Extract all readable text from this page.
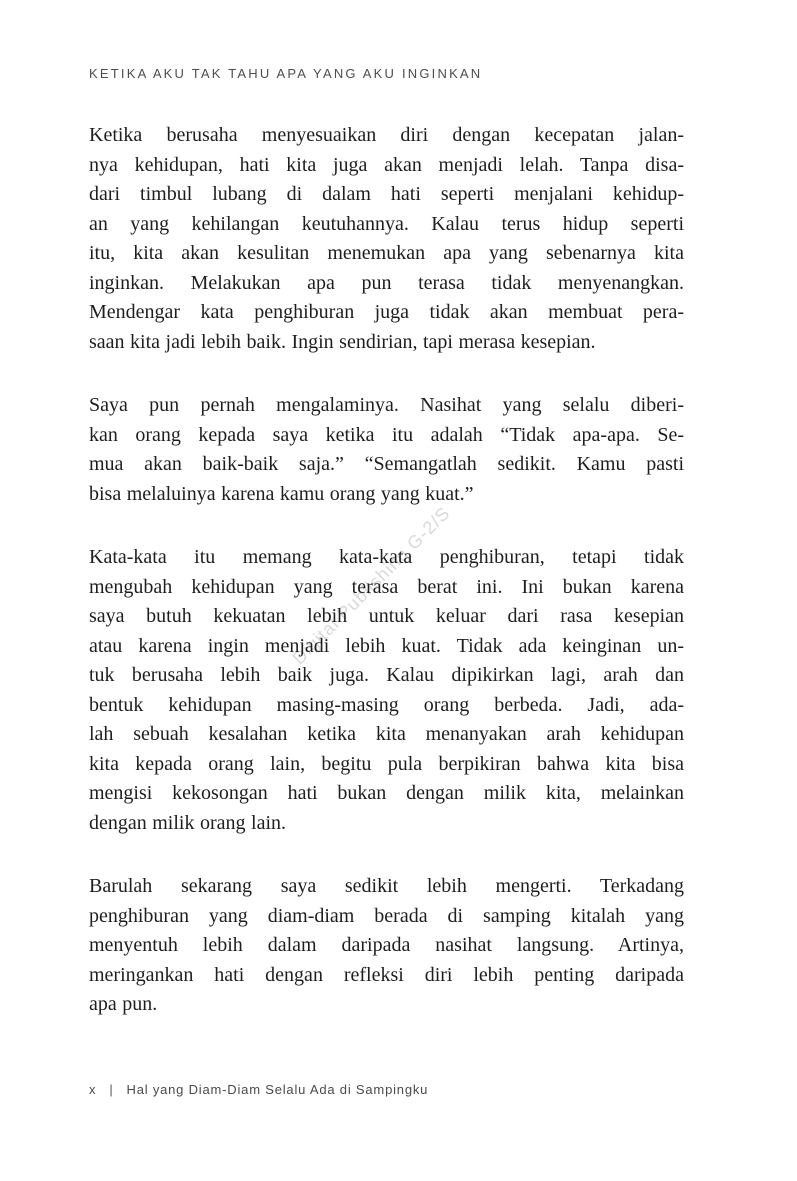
KETIKA AKU TAK TAHU APA YANG AKU INGINKAN
Digital Publishing G-2/S

Ketika berusaha menyesuaikan diri dengan kecepatan jalan-
nya kehidupan, hati kita juga akan menjadi lelah. Tanpa disa-
dari timbul lubang di dalam hati seperti menjalani kehidup-
an yang kehilangan keutuhannya. Kalau terus hidup seperti
itu, kita akan kesulitan menemukan apa yang sebenarnya kita
inginkan. Melakukan apa pun terasa tidak menyenangkan.
Mendengar kata penghiburan juga tidak akan membuat pera-
saan kita jadi lebih baik. Ingin sendirian, tapi merasa kesepian.

Saya pun pernah mengalaminya. Nasihat yang selalu diberi-
kan orang kepada saya ketika itu adalah “Tidak apa-apa. Se-
mua akan baik-baik saja.” “Semangatlah sedikit. Kamu pasti
bisa melaluinya karena kamu orang yang kuat.”

Kata-kata itu memang kata-kata penghiburan, tetapi tidak
mengubah kehidupan yang terasa berat ini. Ini bukan karena
saya butuh kekuatan lebih untuk keluar dari rasa kesepian
atau karena ingin menjadi lebih kuat. Tidak ada keinginan un-
tuk berusaha lebih baik juga. Kalau dipikirkan lagi, arah dan
bentuk kehidupan masing-masing orang berbeda. Jadi, ada-
lah sebuah kesalahan ketika kita menanyakan arah kehidupan
kita kepada orang lain, begitu pula berpikiran bahwa kita bisa
mengisi kekosongan hati bukan dengan milik kita, melainkan
dengan milik orang lain.

Barulah sekarang saya sedikit lebih mengerti. Terkadang
penghiburan yang diam-diam berada di samping kitalah yang
menyentuh lebih dalam daripada nasihat langsung. Artinya,
meringankan hati dengan refleksi diri lebih penting daripada
apa pun.

x | Hal yang Diam-Diam Selalu Ada di Sampingku
